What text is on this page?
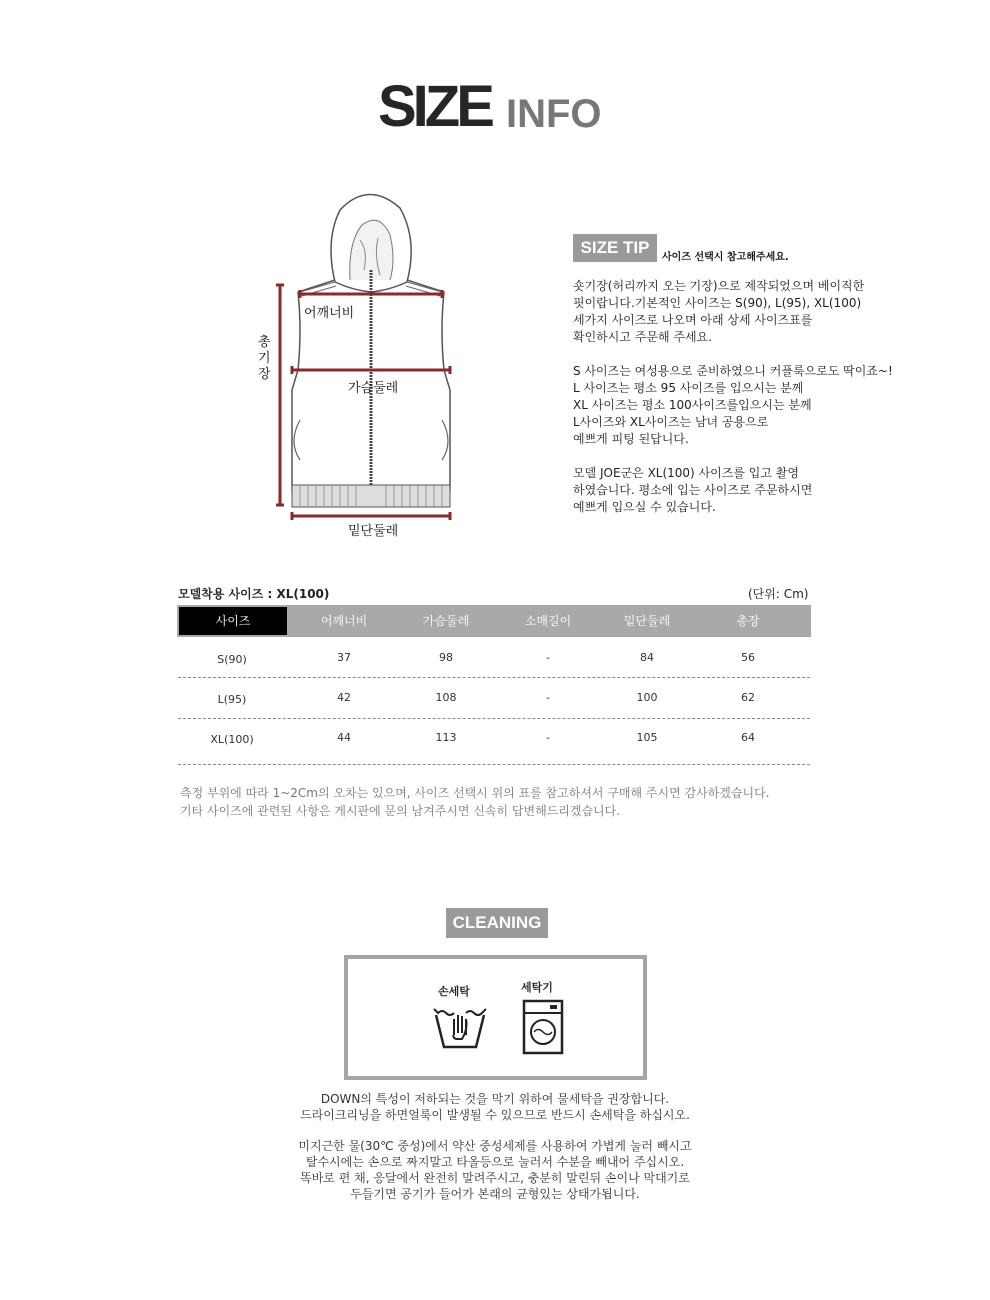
SIZE INFO
어깨너비
가슴둘레
총기장
밑단둘레
SIZE TIP
사이즈 선택시 참고해주세요.
숏기장(허리까지 오는 기장)으로 제작되었으며 베이직한
핏이랍니다.기본적인 사이즈는 S(90), L(95), XL(100)
세가지 사이즈로 나오며 아래 상세 사이즈표를
확인하시고 주문해 주세요.
S 사이즈는 여성용으로 준비하였으니 커플룩으로도 딱이죠~!
L 사이즈는 평소 95 사이즈를 입으시는 분께
XL 사이즈는 평소 100사이즈를입으시는 분께
L사이즈와 XL사이즈는 남녀 공용으로
예쁘게 피팅 된답니다.
모델 JOE군은 XL(100) 사이즈를 입고 촬영
하였습니다. 평소에 입는 사이즈로 주문하시면
예쁘게 입으실 수 있습니다.
모델착용 사이즈 : XL(100)	(단위: Cm)
사이즈	어깨너비	가슴둘레	소매길이	밑단둘레	총장
S(90)	37	98	-	84	56
L(95)	42	108	-	100	62
XL(100)	44	113	-	105	64
측정 부위에 따라 1~2Cm의 오차는 있으며, 사이즈 선택시 위의 표를 참고하셔서 구매해 주시면 감사하겠습니다.
기타 사이즈에 관련된 사항은 게시판에 문의 남겨주시면 신속히 답변해드리겠습니다.
CLEANING
손세탁	세탁기
DOWN의 특성이 저하되는 것을 막기 위하여 물세탁을 권장합니다.
드라이크리닝을 하면얼룩이 발생될 수 있으므로 반드시 손세탁을 하십시오.
미지근한 물(30℃ 중성)에서 약산 중성세제를 사용하여 가볍게 눌러 빼시고
탈수시에는 손으로 짜지말고 타올등으로 눌러서 수분을 빼내어 주십시오.
똑바로 편 채, 응달에서 완전히 말려주시고, 충분히 말린뒤 손이나 막대기로
두들기면 공기가 들어가 본래의 균형있는 상태가됩니다.
